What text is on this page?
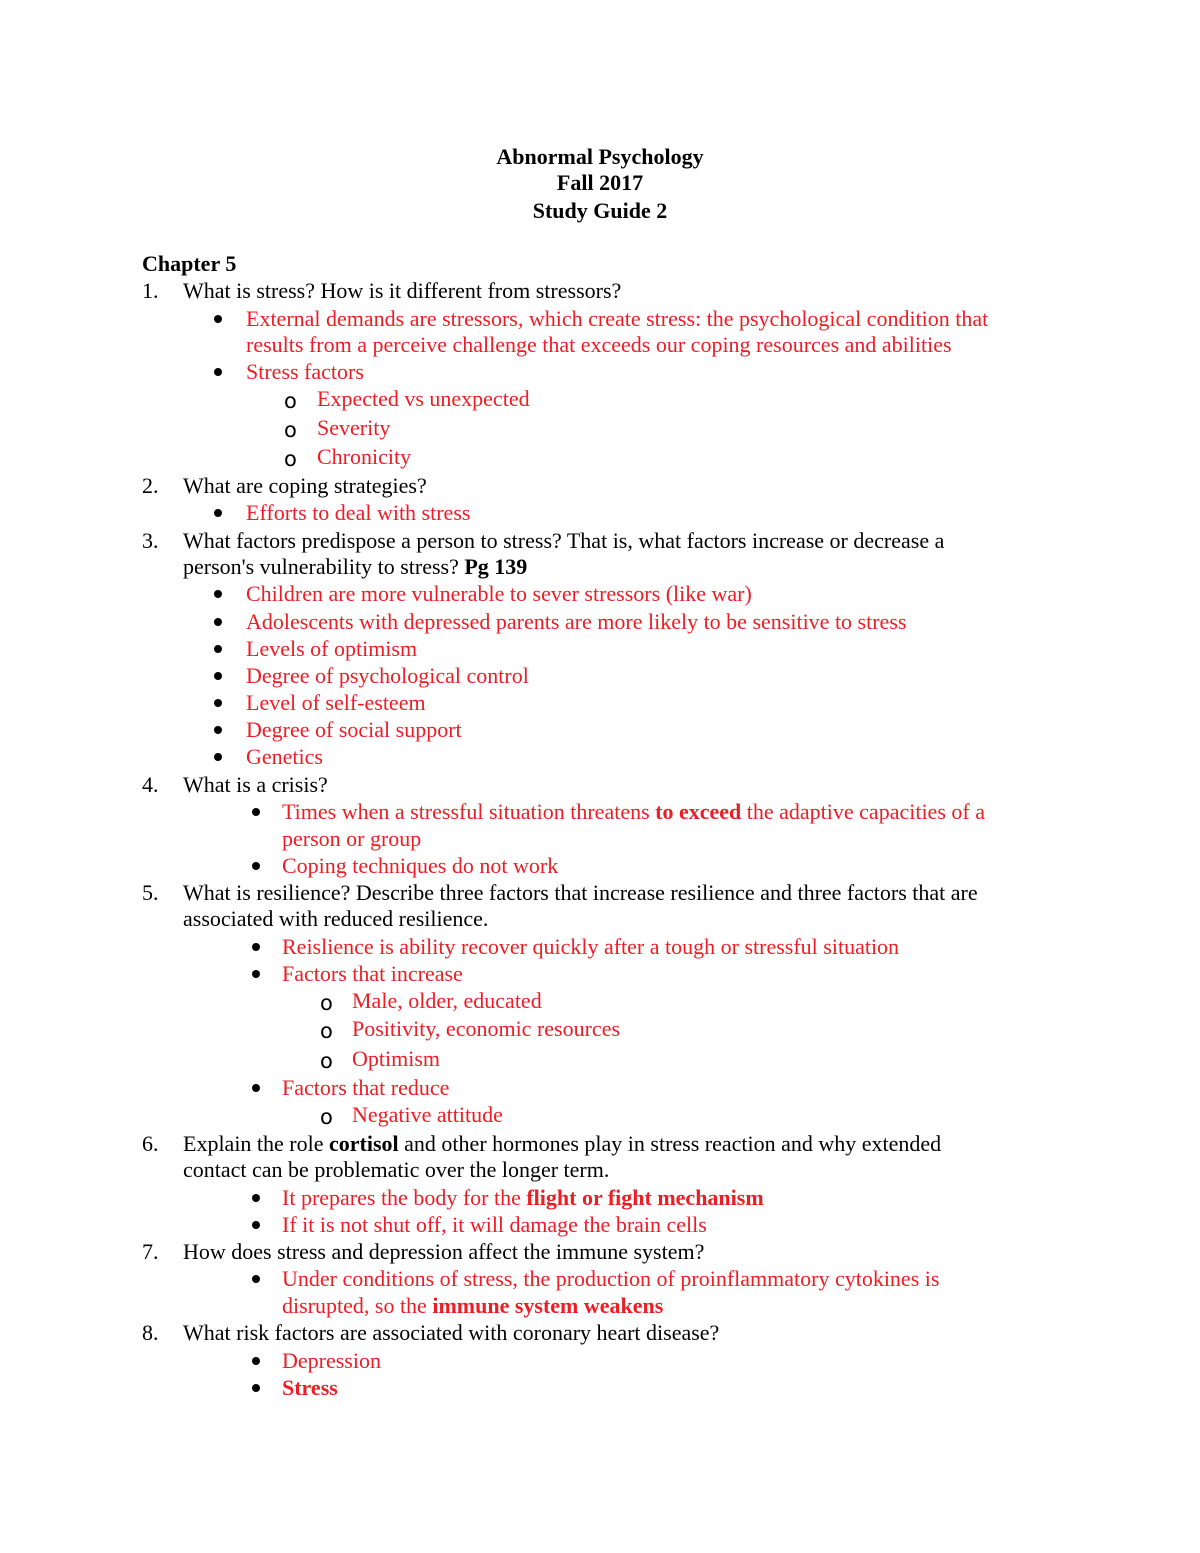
Abnormal Psychology
Fall 2017
Study Guide 2
Chapter 5
1. What is stress? How is it different from stressors?
External demands are stressors, which create stress: the psychological condition that
results from a perceive challenge that exceeds our coping resources and abilities
Stress factors
o Expected vs unexpected
o Severity
o Chronicity
2. What are coping strategies?
Efforts to deal with stress
3. What factors predispose a person to stress? That is, what factors increase or decrease a
person's vulnerability to stress? Pg 139
Children are more vulnerable to sever stressors (like war)
Adolescents with depressed parents are more likely to be sensitive to stress
Levels of optimism
Degree of psychological control
Level of self-esteem
Degree of social support
Genetics
4. What is a crisis?
Times when a stressful situation threatens to exceed the adaptive capacities of a
person or group
Coping techniques do not work
5. What is resilience? Describe three factors that increase resilience and three factors that are
associated with reduced resilience.
Reislience is ability recover quickly after a tough or stressful situation
Factors that increase
o Male, older, educated
o Positivity, economic resources
o Optimism
Factors that reduce
o Negative attitude
6. Explain the role cortisol and other hormones play in stress reaction and why extended
contact can be problematic over the longer term.
It prepares the body for the flight or fight mechanism
If it is not shut off, it will damage the brain cells
7. How does stress and depression affect the immune system?
Under conditions of stress, the production of proinflammatory cytokines is
disrupted, so the immune system weakens
8. What risk factors are associated with coronary heart disease?
Depression
Stress
